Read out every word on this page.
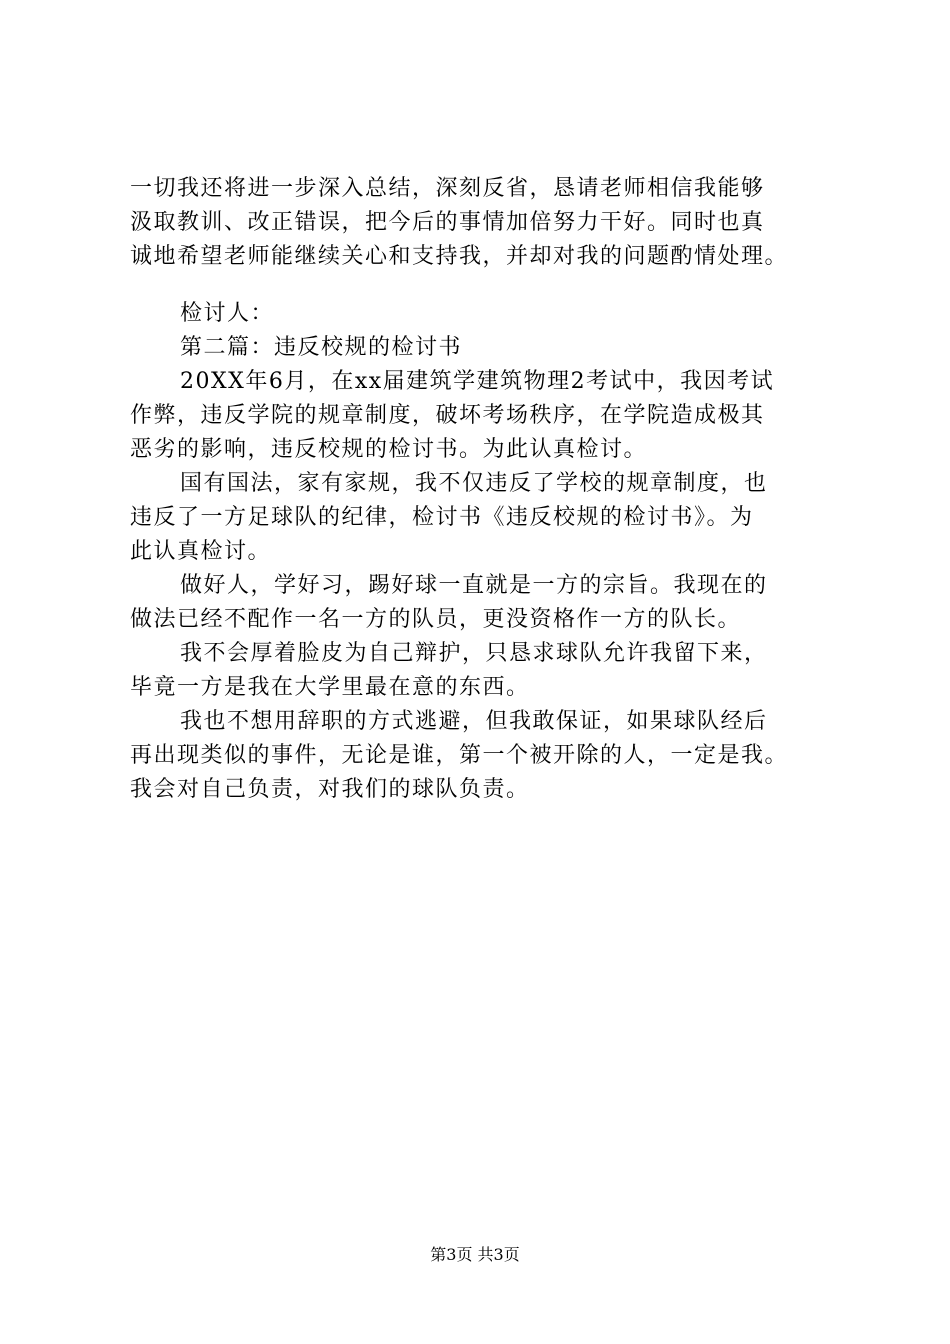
一切我还将进一步深入总结，深刻反省，恳请老师相信我能够
汲取教训、改正错误，把今后的事情加倍努力干好。同时也真
诚地希望老师能继续关心和支持我，并却对我的问题酌情处理。
检讨人：
第二篇：违反校规的检讨书
20XX年6月，在xx届建筑学建筑物理2考试中，我因考试
作弊，违反学院的规章制度，破坏考场秩序，在学院造成极其
恶劣的影响，违反校规的检讨书。为此认真检讨。
国有国法，家有家规，我不仅违反了学校的规章制度，也
违反了一方足球队的纪律，检讨书《违反校规的检讨书》。为
此认真检讨。
做好人，学好习，踢好球一直就是一方的宗旨。我现在的
做法已经不配作一名一方的队员，更没资格作一方的队长。
我不会厚着脸皮为自己辩护，只恳求球队允许我留下来，
毕竟一方是我在大学里最在意的东西。
我也不想用辞职的方式逃避，但我敢保证，如果球队经后
再出现类似的事件，无论是谁，第一个被开除的人，一定是我。
我会对自己负责，对我们的球队负责。
第3页 共3页
